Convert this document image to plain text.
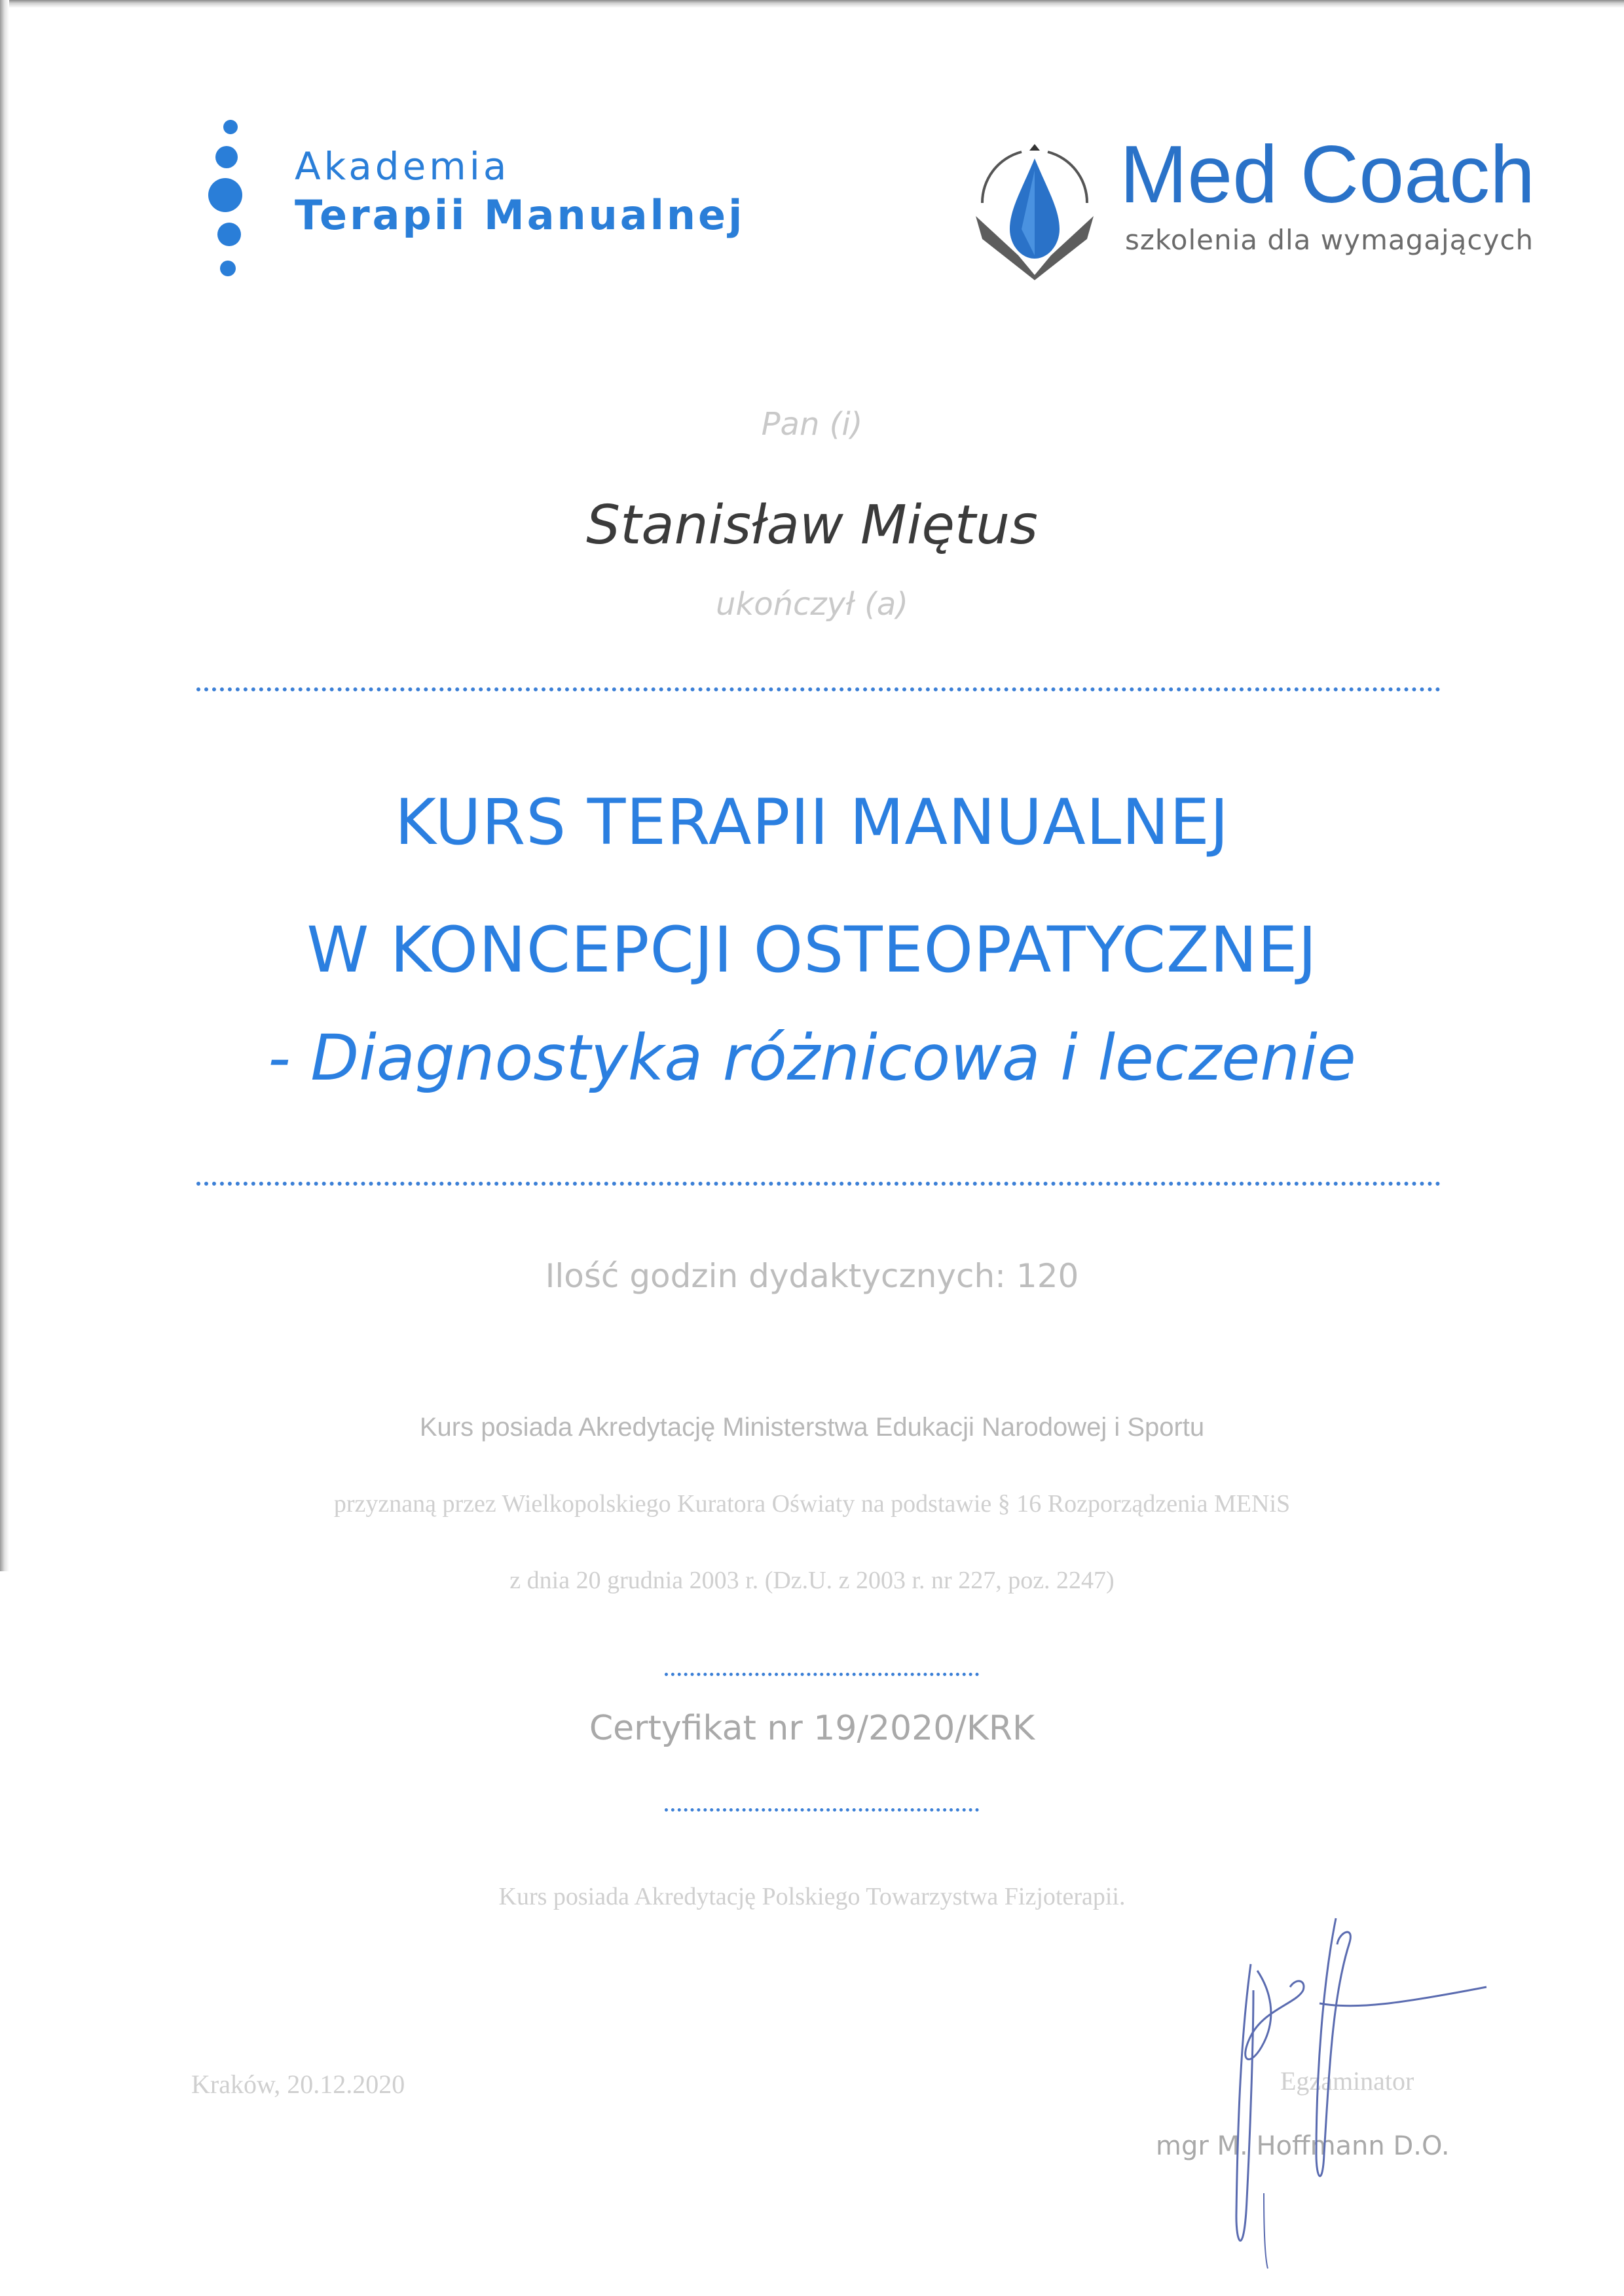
Akademia
Terapii Manualnej	Med Coach
szkolenia dla wymagających
Pan (i)
Stanisław Miętus
ukończył (a)
KURS TERAPII MANUALNEJ
W KONCEPCJI OSTEOPATYCZNEJ
- Diagnostyka różnicowa i leczenie
Ilość godzin dydaktycznych: 120
Kurs posiada Akredytację Ministerstwa Edukacji Narodowej i Sportu
przyznaną przez Wielkopolskiego Kuratora Oświaty na podstawie § 16 Rozporządzenia MENiS
z dnia 20 grudnia 2003 r. (Dz.U. z 2003 r. nr 227, poz. 2247)
Certyfikat nr 19/2020/KRK
Kurs posiada Akredytację Polskiego Towarzystwa Fizjoterapii.
Kraków, 20.12.2020	Egzaminator
mgr M. Hoffmann D.O.
